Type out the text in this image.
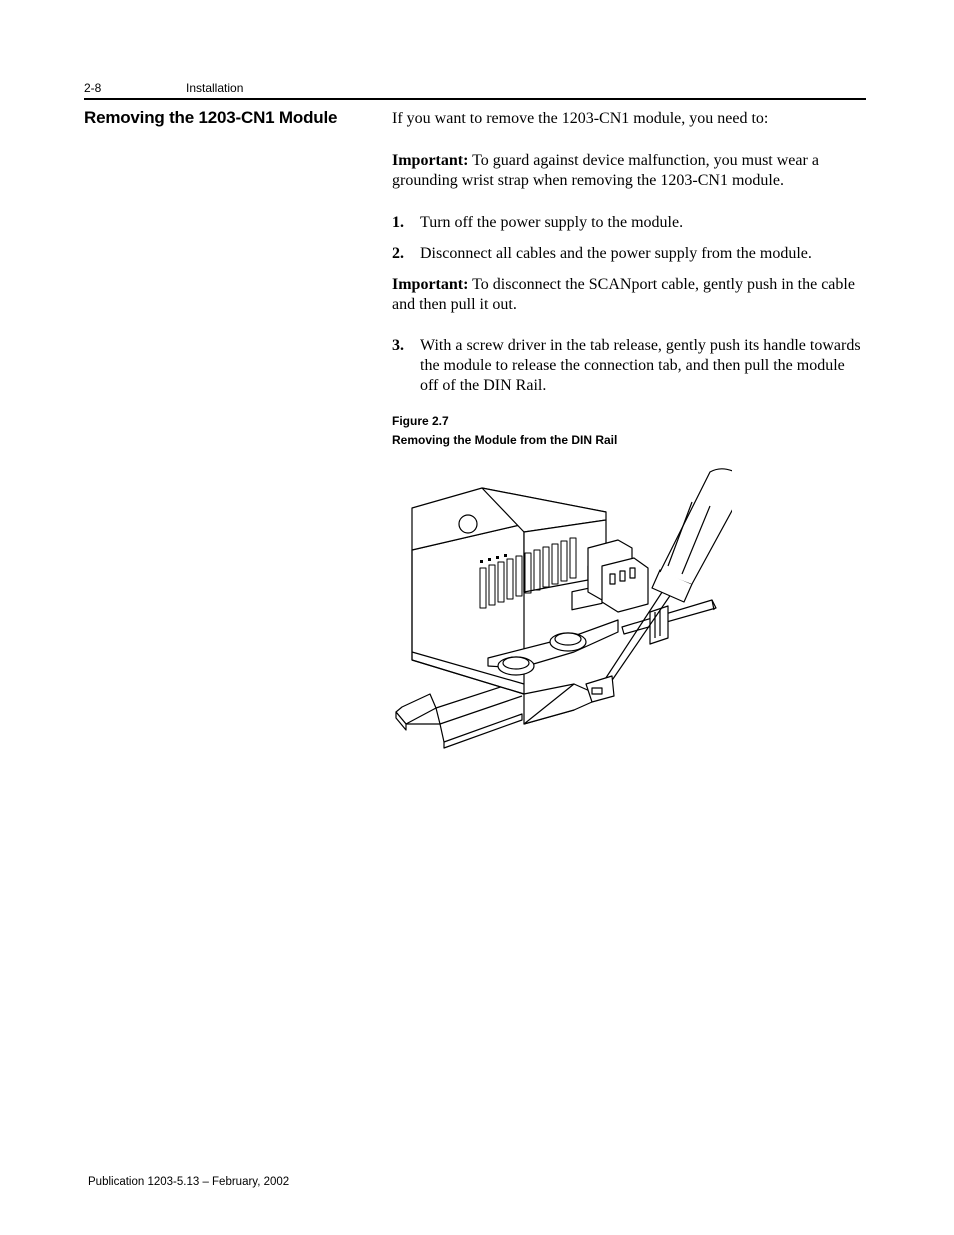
2-8	Installation
Removing the 1203-CN1 Module	If you want to remove the 1203-CN1 module, you need to:

Important: To guard against device malfunction, you must wear a grounding wrist strap when removing the 1203-CN1 module.

1.	Turn off the power supply to the module.
2.	Disconnect all cables and the power supply from the module.

Important: To disconnect the SCANport cable, gently push in the cable and then pull it out.

3.	With a screw driver in the tab release, gently push its handle towards the module to release the connection tab, and then pull the module off of the DIN Rail.
Figure 2.7
Removing the Module from the DIN Rail
Publication 1203-5.13 – February, 2002
